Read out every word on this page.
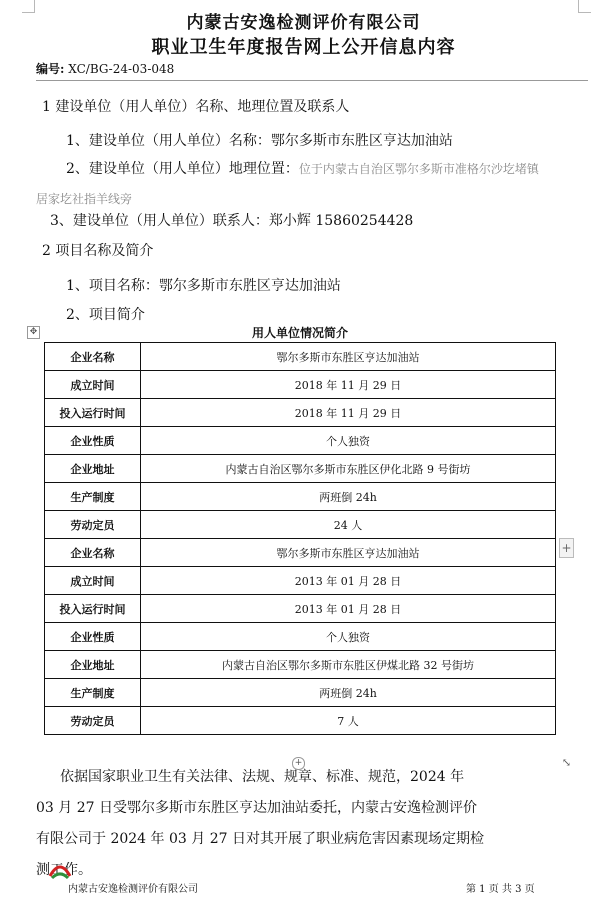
内蒙古安逸检测评价有限公司
职业卫生年度报告网上公开信息内容
编号: XC/BG-24-03-048
1 建设单位（用人单位）名称、地理位置及联系人
1、建设单位（用人单位）名称：鄂尔多斯市东胜区亨达加油站
2、建设单位（用人单位）地理位置：位于内蒙古自治区鄂尔多斯市准格尔沙圪堵镇
居家圪社指羊线旁
3、建设单位（用人单位）联系人：郑小辉 15860254428
2 项目名称及简介
1、项目名称：鄂尔多斯市东胜区亨达加油站
2、项目简介
✥	用人单位情况简介
企业名称	鄂尔多斯市东胜区亨达加油站
成立时间	2018 年 11 月 29 日
投入运行时间	2018 年 11 月 29 日
企业性质	个人独资
企业地址	内蒙古自治区鄂尔多斯市东胜区伊化北路 9 号街坊
生产制度	两班倒 24h
劳动定员	24 人
企业名称	鄂尔多斯市东胜区亨达加油站
成立时间	2013 年 01 月 28 日
投入运行时间	2013 年 01 月 28 日
企业性质	个人独资
企业地址	内蒙古自治区鄂尔多斯市东胜区伊煤北路 32 号街坊
生产制度	两班倒 24h
劳动定员	7 人
+
+	⤡
依据国家职业卫生有关法律、法规、规章、标准、规范，2024 年
03 月 27 日受鄂尔多斯市东胜区亨达加油站委托，内蒙古安逸检测评价
有限公司于 2024 年 03 月 27 日对其开展了职业病危害因素现场定期检
测工作。
内蒙古安逸检测评价有限公司	第 1 页 共 3 页
